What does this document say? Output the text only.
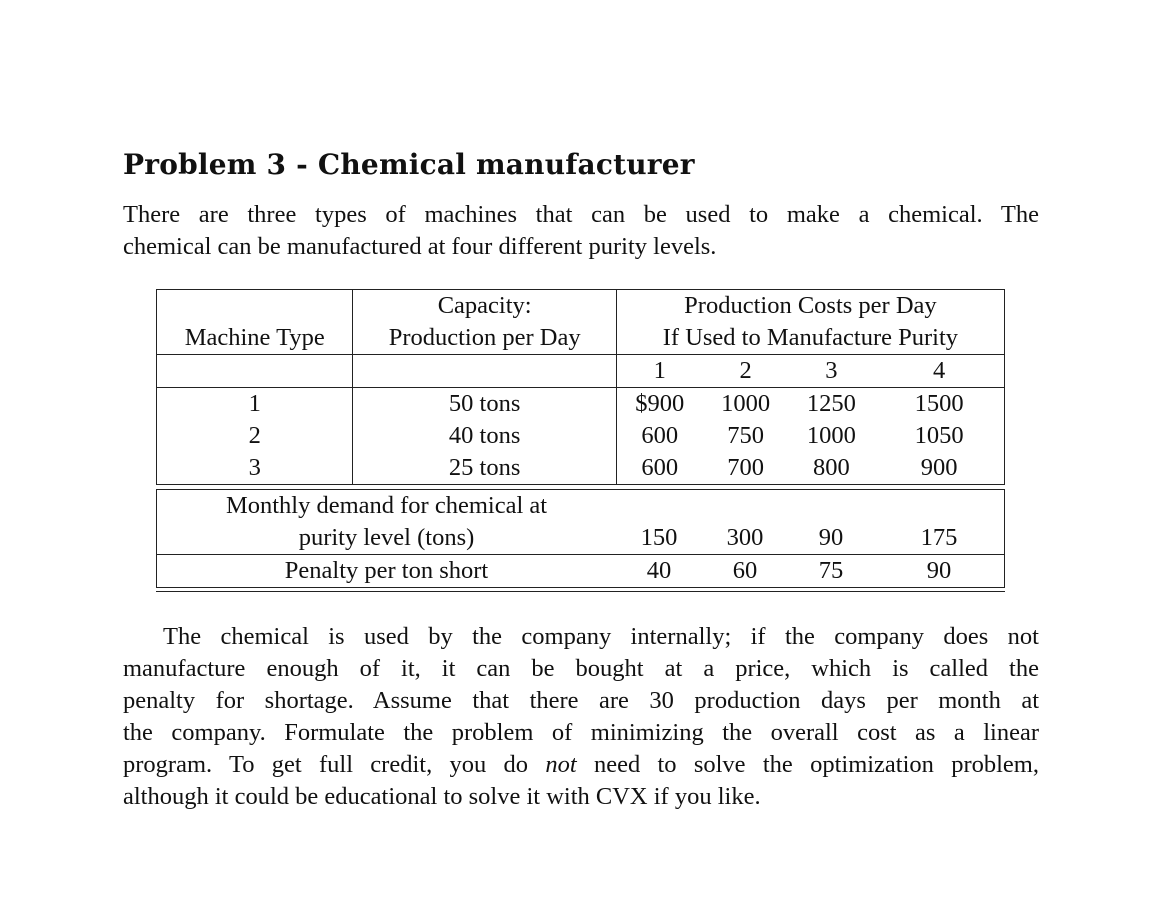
Problem 3 - Chemical manufacturer

There are three types of machines that can be used to make a chemical. The
chemical can be manufactured at four different purity levels.

	Capacity:	Production Costs per Day			
Machine Type	Production per Day	If Used to Manufacture Purity			
		1	2	3	4
1	50 tons	$900	1000	1250	1500
2	40 tons	600	750	1000	1050
3	25 tons	600	700	800	900
Monthly demand for chemical at				
purity level (tons)	150	300	90	175
Penalty per ton short	40	60	75	90

The chemical is used by the company internally; if the company does not
manufacture enough of it, it can be bought at a price, which is called the
penalty for shortage. Assume that there are 30 production days per month at
the company. Formulate the problem of minimizing the overall cost as a linear
program. To get full credit, you do not need to solve the optimization problem,
although it could be educational to solve it with CVX if you like.
